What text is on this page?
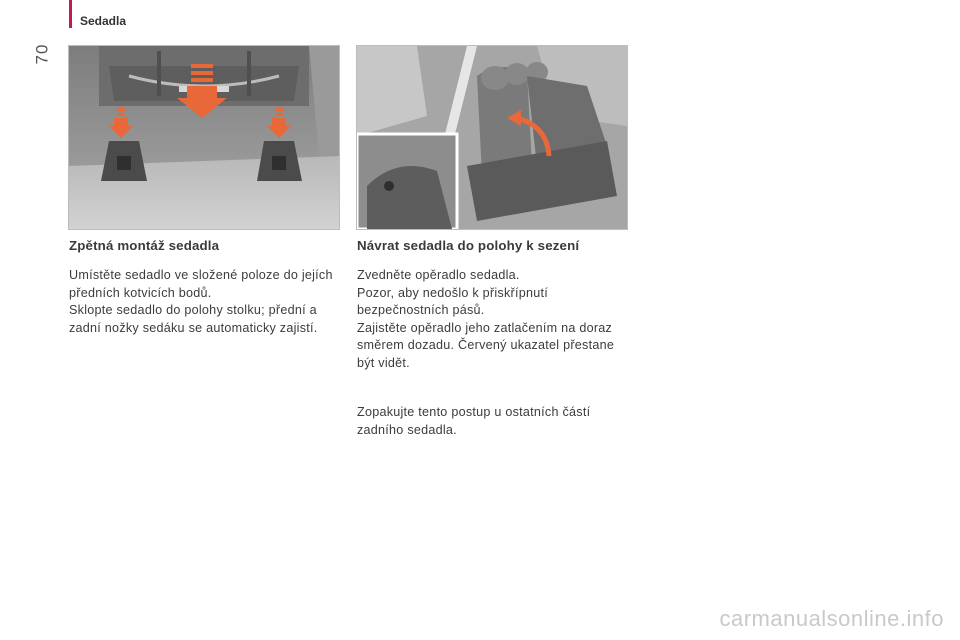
Sedadla
70
Zpětná montáž sedadla

Umístěte sedadlo ve složené poloze do jejích předních kotvicích bodů.

Sklopte sedadlo do polohy stolku; přední a zadní nožky sedáku se automaticky zajistí.

Návrat sedadla do polohy k sezení

Zvedněte opěradlo sedadla.

Pozor, aby nedošlo k přiskřípnutí bezpečnostních pásů.

Zajistěte opěradlo jeho zatlačením na doraz směrem dozadu. Červený ukazatel přestane být vidět.

Zopakujte tento postup u ostatních částí zadního sedadla.

carmanualsonline.info
